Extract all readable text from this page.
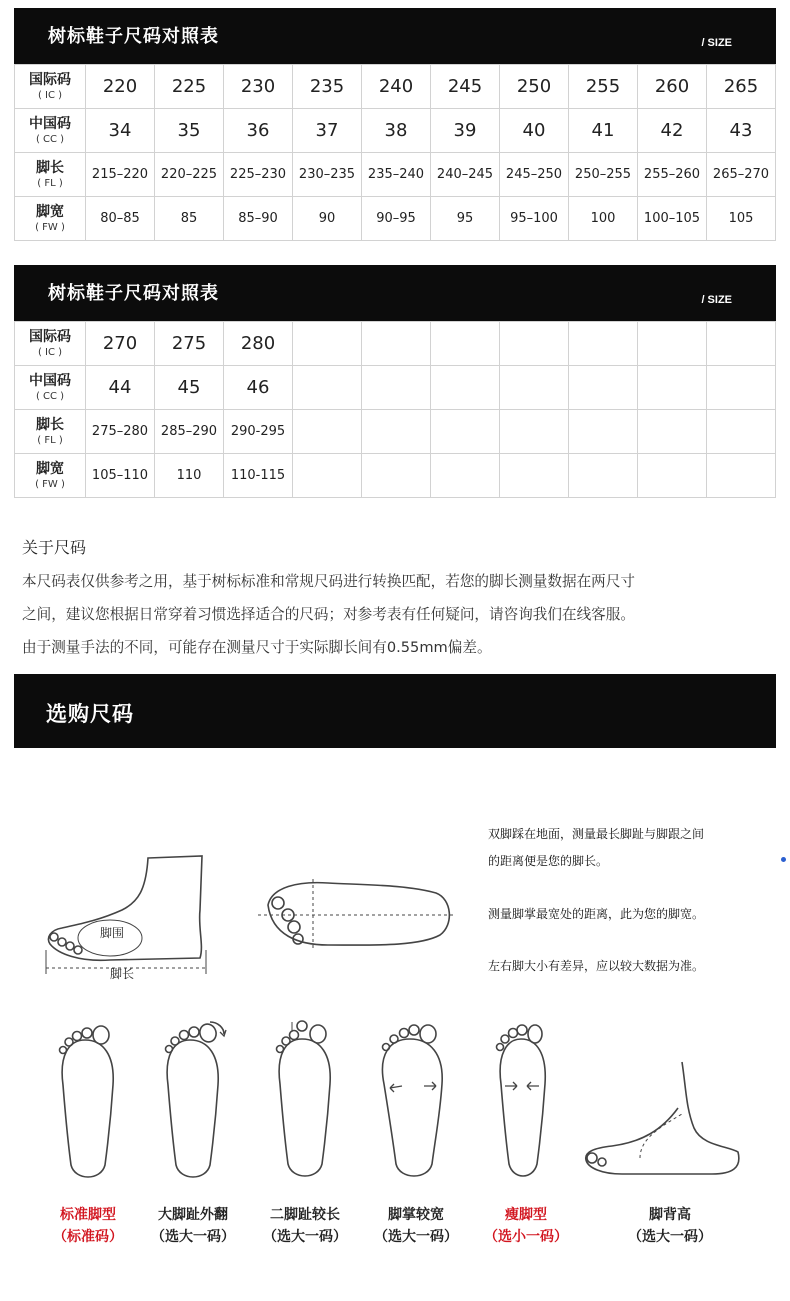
树标鞋子尺码对照表	/ SIZE
国际码
( IC )	220	225	230	235	240	245	250	255	260	265

中国码
( CC )	34	35	36	37	38	39	40	41	42	43

脚长
( FL )	215–220	220–225	225–230	230–235	235–240	240–245	245–250	250–255	255–260	265–270

脚宽
( FW )	80–85	85	85–90	90	90–95	95	95–100	100	100–105	105
树标鞋子尺码对照表	/ SIZE
国际码
( IC )	270	275	280							

中国码
( CC )	44	45	46							

脚长
( FL )	275–280	285–290	290-295							

脚宽
( FW )	105–110	110	110-115							
关于尺码
本尺码表仅供参考之用，基于树标标准和常规尺码进行转换匹配，若您的脚长测量数据在两尺寸
之间，建议您根据日常穿着习惯选择适合的尺码；对参考表有任何疑问，请咨询我们在线客服。
由于测量手法的不同，可能存在测量尺寸于实际脚长间有0.55mm偏差。
选购尺码
脚围
脚长
双脚踩在地面，测量最长脚趾与脚跟之间
的距离便是您的脚长。
测量脚掌最宽处的距离，此为您的脚宽。
左右脚大小有差异，应以较大数据为准。
标准脚型
（标准码）
大脚趾外翻
（选大一码）
二脚趾较长
（选大一码）
脚掌较宽
（选大一码）
瘦脚型
（选小一码）
脚背高
（选大一码）
